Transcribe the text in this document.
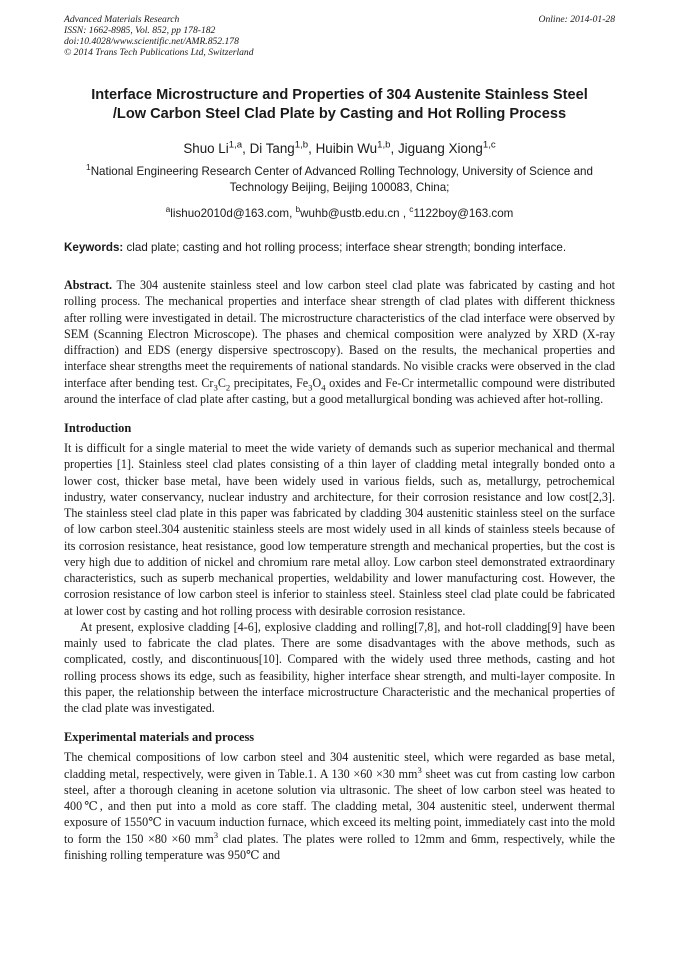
Advanced Materials Research	Online: 2014-01-28

ISSN: 1662-8985, Vol. 852, pp 178-182

doi:10.4028/www.scientific.net/AMR.852.178

© 2014 Trans Tech Publications Ltd, Switzerland

Interface Microstructure and Properties of 304 Austenite Stainless Steel
/Low Carbon Steel Clad Plate by Casting and Hot Rolling Process

Shuo Li$^{1,a}$, Di Tang$^{1,b}$, Huibin Wu$^{1,b}$, Jiguang Xiong$^{1,c}$

$^1$National Engineering Research Center of Advanced Rolling Technology, University of Science and
Technology Beijing, Beijing 100083, China;

$^a$lishuo2010d@163.com, $^b$wuhb@ustb.edu.cn , $^c$1122boy@163.com

Keywords: clad plate; casting and hot rolling process; interface shear strength; bonding interface.

Abstract. The 304 austenite stainless steel and low carbon steel clad plate was fabricated by casting and hot rolling process. The mechanical properties and interface shear strength of clad plates with different thickness after rolling were investigated in detail. The microstructure characteristics of the clad interface were observed by SEM (Scanning Electron Microscope). The phases and chemical composition were analyzed by XRD (X-ray diffraction) and EDS (energy dispersive spectroscopy). Based on the results, the mechanical properties and interface shear strengths meet the requirements of national standards. No visible cracks were observed in the clad interface after bending test. $Cr_3C_2$ precipitates, $Fe_3O_4$ oxides and Fe-Cr intermetallic compound were distributed around the interface of clad plate after casting, but a good metallurgical bonding was achieved after hot-rolling.

Introduction

It is difficult for a single material to meet the wide variety of demands such as superior mechanical and thermal properties [1]. Stainless steel clad plates consisting of a thin layer of cladding metal integrally bonded onto a lower cost, thicker base metal, have been widely used in various fields, such as, metallurgy, petrochemical industry, water conservancy, nuclear industry and architecture, for their corrosion resistance and low cost[2,3]. The stainless steel clad plate in this paper was fabricated by cladding 304 austenitic stainless steel on the surface of low carbon steel.304 austenitic stainless steels are most widely used in all kinds of stainless steels because of its corrosion resistance, heat resistance, good low temperature strength and mechanical properties, but the cost is very high due to addition of nickel and chromium rare metal alloy. Low carbon steel demonstrated extraordinary characteristics, such as superb mechanical properties, weldability and lower manufacturing cost. However, the corrosion resistance of low carbon steel is inferior to stainless steel. Stainless steel clad plate could be fabricated at lower cost by casting and hot rolling process with desirable corrosion resistance.

At present, explosive cladding [4-6], explosive cladding and rolling[7,8], and hot-roll cladding[9] have been mainly used to fabricate the clad plates. There are some disadvantages with the above methods, such as complicated, costly, and discontinuous[10]. Compared with the widely used three methods, casting and hot rolling process shows its edge, such as feasibility, higher interface shear strength, and multi-layer composite. In this paper, the relationship between the interface microstructure Characteristic and the mechanical properties of the clad plate was investigated.

Experimental materials and process

The chemical compositions of low carbon steel and 304 austenitic steel, which were regarded as base metal, cladding metal, respectively, were given in Table.1. A 130 ×60 ×30 $mm^3$ sheet was cut from casting low carbon steel, after a thorough cleaning in acetone solution via ultrasonic. The sheet of low carbon steel was heated to 400℃, and then put into a mold as core staff. The cladding metal, 304 austenitic steel, underwent thermal exposure of 1550℃ in vacuum induction furnace, which exceed its melting point, immediately cast into the mold to form the 150 ×80 ×60 $mm^3$ clad plates. The plates were rolled to 12mm and 6mm, respectively, while the finishing rolling temperature was 950℃ and
